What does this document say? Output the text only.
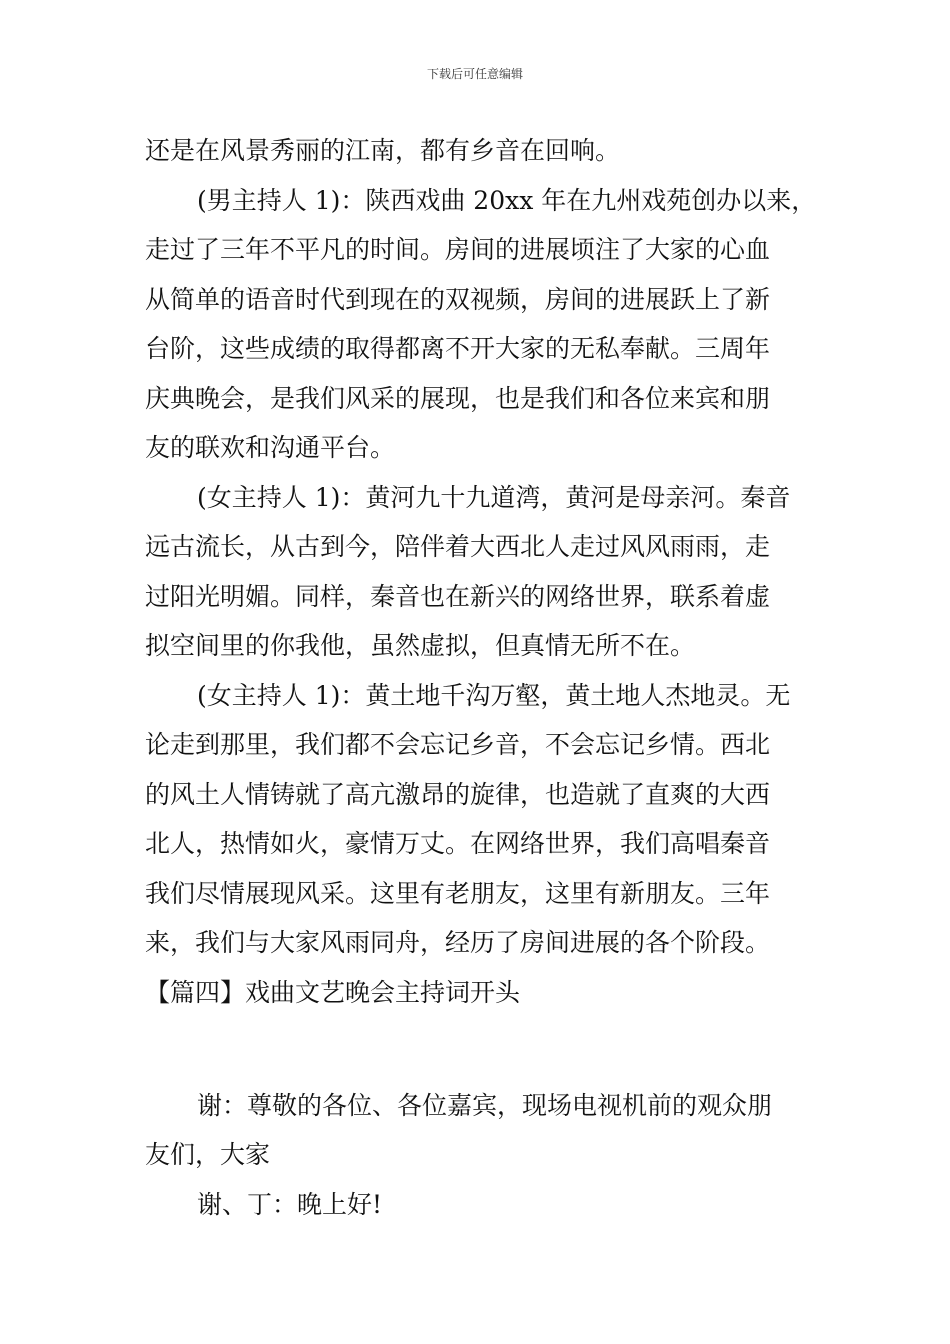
下载后可任意编辑
还是在风景秀丽的江南，都有乡音在回响。
(男主持人 1)：陕西戏曲 20xx 年在九州戏苑创办以来，
走过了三年不平凡的时间。房间的进展顷注了大家的心血
从简单的语音时代到现在的双视频，房间的进展跃上了新
台阶，这些成绩的取得都离不开大家的无私奉献。三周年
庆典晚会，是我们风采的展现，也是我们和各位来宾和朋
友的联欢和沟通平台。
(女主持人 1)：黄河九十九道湾，黄河是母亲河。秦音
远古流长，从古到今，陪伴着大西北人走过风风雨雨，走
过阳光明媚。同样，秦音也在新兴的网络世界，联系着虚
拟空间里的你我他，虽然虚拟，但真情无所不在。
(女主持人 1)：黄土地千沟万壑，黄土地人杰地灵。无
论走到那里，我们都不会忘记乡音，不会忘记乡情。西北
的风土人情铸就了高亢激昂的旋律，也造就了直爽的大西
北人，热情如火，豪情万丈。在网络世界，我们高唱秦音
我们尽情展现风采。这里有老朋友，这里有新朋友。三年
来，我们与大家风雨同舟，经历了房间进展的各个阶段。
【篇四】戏曲文艺晚会主持词开头
谢：尊敬的各位、各位嘉宾，现场电视机前的观众朋
友们，大家
谢、丁：晚上好!
